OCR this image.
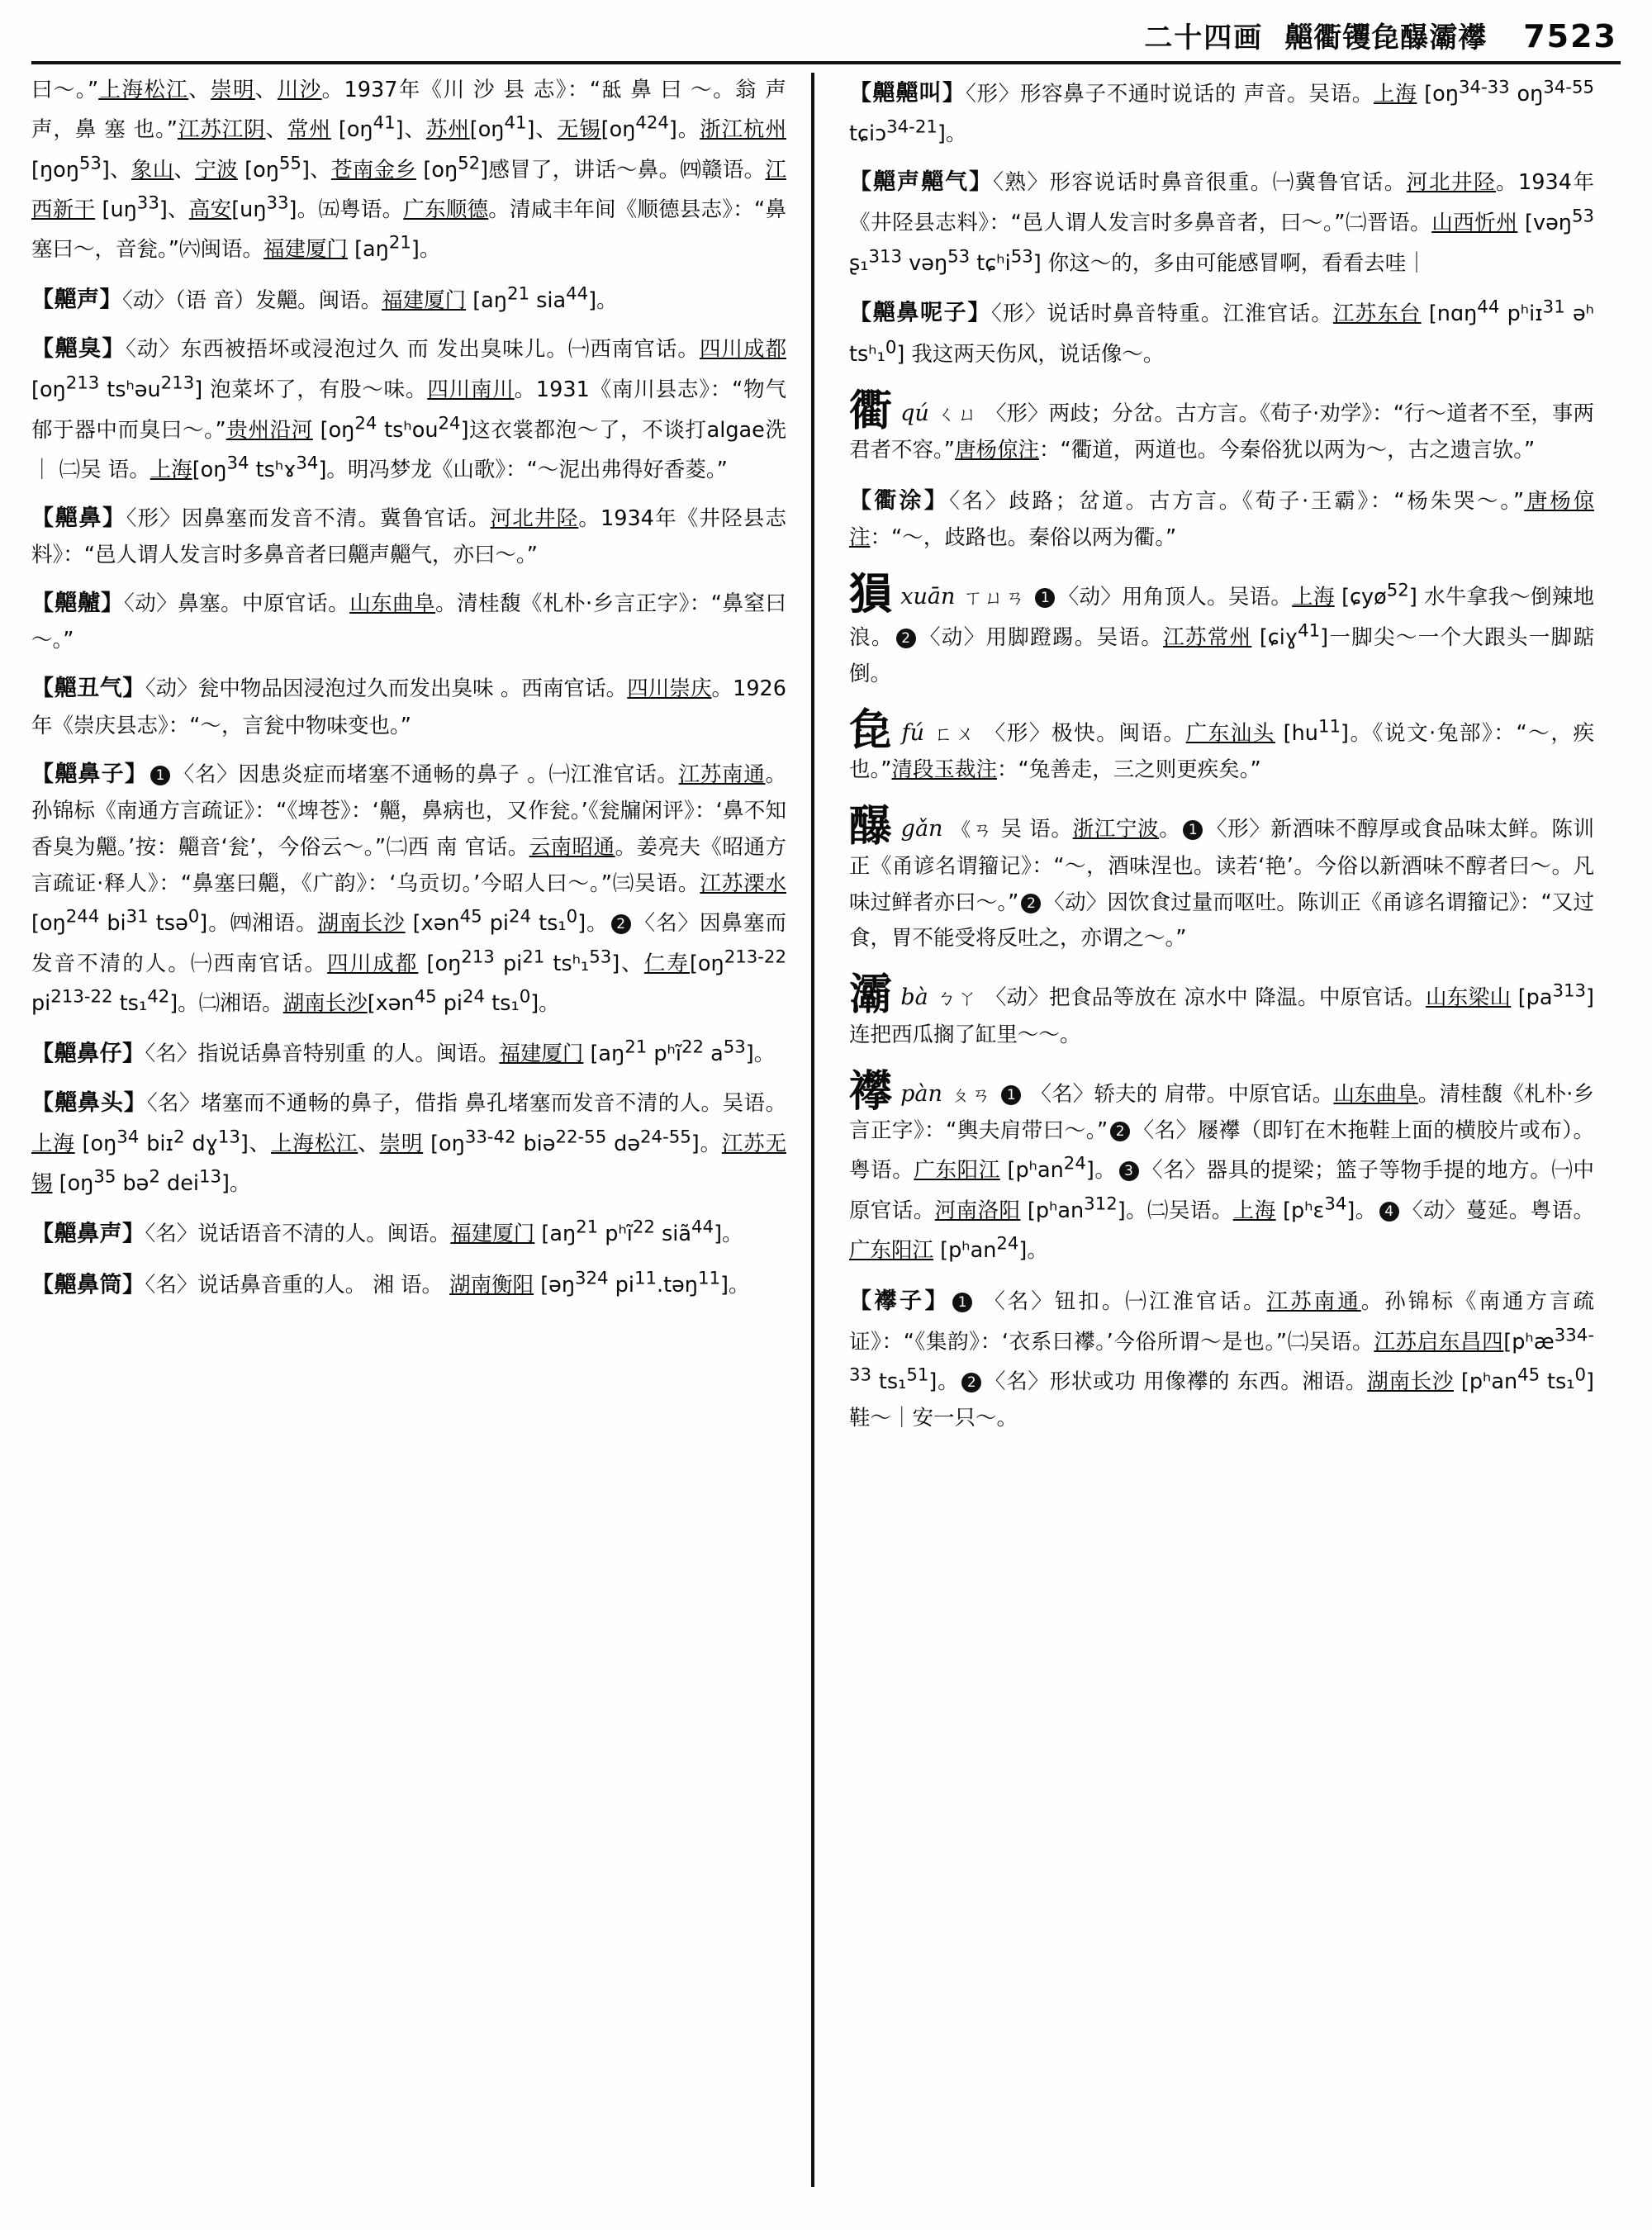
二十四画 齆衢䦆㲋䤖灞襻 7523
曰～。”上海松江、崇明、川沙。1937年《川 沙 县 志》：“䑛 鼻 曰 ～。翁 声 声，鼻 塞 也。”江苏江阴、常州 $[oŋ^{41}]$、苏州$[oŋ^{41}]$、无锡$[oŋ^{424}]$。浙江杭州 [ŋoŋ$^{53}$]、象山、宁波 $[oŋ^{55}]$、苍南金乡 $[oŋ^{52}]$感冒了，讲话～鼻。㈣赣语。江西新干 $[uŋ^{33}]$、高安$[uŋ^{33}]$。㈤粤语。广东顺德。清咸丰年间《顺德县志》：“鼻塞曰～，音瓮。”㈥闽语。福建厦门 $[aŋ^{21}]$。
【齆声】〈动〉（语 音）发齆。闽语。福建厦门 [$aŋ^{21}$ sia$^{44}$]。
【齆臭】〈动〉东西被捂坏或浸泡过久 而 发出臭味儿。㈠西南官话。四川成都 [$oŋ^{213}$ tsʰəu$^{213}$] 泡菜坏了，有股～味。四川南川。1931《南川县志》：“物气郁于器中而臭曰～。”贵州沿河 [$oŋ^{24}$ tsʰou$^{24}$]这衣裳都泡～了，不谈打algae洗｜ ㈡吴 语。上海[$oŋ^{34}$ tsʰɤ$^{34}$]。明冯梦龙《山歌》：“～泥出弗得好香菱。”
【齆鼻】〈形〉因鼻塞而发音不清。冀鲁官话。河北井陉。1934年《井陉县志料》：“邑人谓人发言时多鼻音者曰齆声齆气，亦曰～。”
【齆齇】〈动〉鼻塞。中原官话。山东曲阜。清桂馥《札朴·乡言正字》：“鼻窒曰～。”
【齆丑气】〈动〉瓮中物品因浸泡过久而发出臭味 。西南官话。四川崇庆。1926年《崇庆县志》：“～，言瓮中物味变也。”
【齆鼻子】 1 〈名〉因患炎症而堵塞不通畅的鼻子 。㈠江淮官话。江苏南通。孙锦标《南通方言疏证》：“《埤苍》：‘齆，鼻病也，又作瓮。’《瓮牖闲评》：‘鼻不知香臭为齆。’按：齆音‘瓮’，今俗云～。”㈡西 南 官话。云南昭通。姜亮夫《昭通方言疏证·释人》：“鼻塞曰齆，《广韵》：‘乌贡切。’今昭人曰～。”㈢吴语。江苏溧水 [$oŋ^{244}$ $bi^{31}$ tsə$^0$]。㈣湘语。湖南长沙 [xən$^{45}$ $pi^{24}$ ts₁$^0$]。 2 〈名〉因鼻塞而发音不清的人。㈠西南官话。四川成都 [$oŋ^{213}$ $pi^{21}$ tsʰ₁$^{53}$]、仁寿[$oŋ^{213-22}$ $pi^{213-22}$ ts₁$^{42}$]。㈡湘语。湖南长沙[xən$^{45}$ $pi^{24}$ ts₁$^0$]。
【齆鼻仔】〈名〉指说话鼻音特别重 的人。闽语。福建厦门 [$aŋ^{21}$ pʰĩ$^{22}$ $a^{53}$]。
【齆鼻头】〈名〉堵塞而不通畅的鼻子，借指 鼻孔堵塞而发音不清的人。吴语。上海 [$oŋ^{34}$ biɪ$^2$ dɣ$^{13}$]、上海松江、崇明 [$oŋ^{33-42}$ biə$^{22-55}$ də$^{24-55}$]。江苏无锡 [$oŋ^{35}$ bə$^2$ dei$^{13}$]。
【齆鼻声】〈名〉说话语音不清的人。闽语。福建厦门 [$aŋ^{21}$ pʰĩ$^{22}$ siã$^{44}$]。
【齆鼻筒】〈名〉说话鼻音重的人。 湘 语。 湖南衡阳 [əŋ$^{324}$ $pi^{11}.təŋ^{11}$]。
【齆齆叫】〈形〉形容鼻子不通时说话的 声音。吴语。上海 [$oŋ^{34-33}$ $oŋ^{34-55}$ tɕiɔ$^{34-21}$]。
【齆声齆气】〈熟〉形容说话时鼻音很重。㈠冀鲁官话。河北井陉。1934年《井陉县志料》：“邑人谓人发言时多鼻音者，曰～。”㈡晋语。山西忻州 [vəŋ$^{53}$ ʂ₁$^{313}$ vəŋ$^{53}$ tɕʰi$^{53}$] 你这～的，多由可能感冒啊，看看去哇｜
【齆鼻呢子】〈形〉说话时鼻音特重。江淮官话。江苏东台 [nɑŋ$^{44}$ pʰiɪ$^{31}$ əʰ tsʰ₁$^0$] 我这两天伤风，说话像～。
衢qú ㄑㄩ 〈形〉两歧；分岔。古方言。《荀子·劝学》：“行～道者不至，事两君者不容。”唐杨倞注：“衢道，两道也。今秦俗犹以两为～，古之遗言欤。”
【衢涂】〈名〉歧路；岔道。古方言。《荀子·王霸》：“杨朱哭～。”唐杨倞注：“～，歧路也。秦俗以两为衢。”
𤠔xuān ㄒㄩㄢ 1 〈动〉用角顶人。吴语。上海 [ɕyø$^{52}$] 水牛拿我～倒辣地浪。 2 〈动〉用脚蹬踢。吴语。江苏常州 [ɕiɣ$^{41}$]一脚尖～一个大跟头一脚踮倒。
㲋fú ㄈㄨ 〈形〉极快。闽语。广东汕头 $[hu^{11}]$。《说文·兔部》：“～，疾也。”清段玉裁注：“兔善走，三之则更疾矣。”
䤖gǎn 《ㄢ 吴 语。浙江宁波。 1 〈形〉新酒味不醇厚或食品味太鲜。陈训正《甬谚名谓籀记》：“～，酒味涅也。读若‘艳’。今俗以新酒味不醇者曰～。凡味过鲜者亦曰～。” 2 〈动〉因饮食过量而呕吐。陈训正《甬谚名谓籀记》：“又过食，胃不能受将反吐之，亦谓之～。”
灞bà ㄅㄚ 〈动〉把食品等放在 凉水中 降温。中原官话。山东梁山 $[pa^{313}]$ 连把西瓜搁了缸里～～。
襻pàn ㄆㄢ 1 〈名〉轿夫的 肩带。中原官话。山东曲阜。清桂馥《札朴·乡言正字》：“輿夫肩带曰～。” 2 〈名〉屦襻（即钉在木拖鞋上面的横胶片或布）。粤语。广东阳江 [pʰan$^{24}$]。 3 〈名〉器具的提梁；篮子等物手提的地方。㈠中原官话。河南洛阳 [pʰan$^{312}$]。㈡吴语。上海 [pʰɛ$^{34}$]。 4 〈动〉蔓延。粤语。广东阳江 [pʰan$^{24}$]。
【襻子】 1 〈名〉钮扣。㈠江淮官话。江苏南通。孙锦标《南通方言疏证》：“《集韵》：‘衣系曰襻。’今俗所谓～是也。”㈡吴语。江苏启东昌四[pʰæ$^{334-33}$ ts₁$^{51}$]。 2 〈名〉形状或功 用像襻的 东西。湘语。湖南长沙 [pʰan$^{45}$ ts₁$^0$] 鞋～｜安一只～。
